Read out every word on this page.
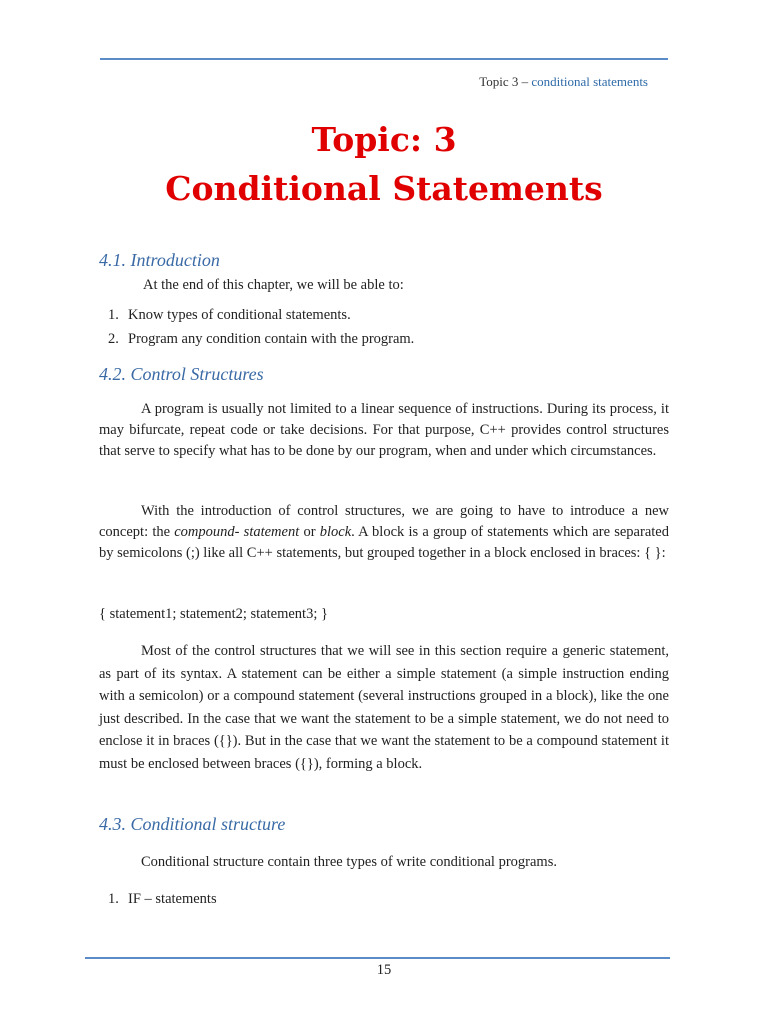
Topic 3 – conditional statements
Topic: 3
Conditional Statements
4.1. Introduction
At the end of this chapter, we will be able to:
1. Know types of conditional statements.
2. Program any condition contain with the program.
4.2. Control Structures
A program is usually not limited to a linear sequence of instructions. During its process, it may bifurcate, repeat code or take decisions. For that purpose, C++ provides control structures that serve to specify what has to be done by our program, when and under which circumstances.
With the introduction of control structures, we are going to have to introduce a new concept: the compound- statement or block. A block is a group of statements which are separated by semicolons (;) like all C++ statements, but grouped together in a block enclosed in braces: { }:
{ statement1; statement2; statement3; }
Most of the control structures that we will see in this section require a generic statement, as part of its syntax. A statement can be either a simple statement (a simple instruction ending with a semicolon) or a compound statement (several instructions grouped in a block), like the one just described. In the case that we want the statement to be a simple statement, we do not need to enclose it in braces ({}). But in the case that we want the statement to be a compound statement it must be enclosed between braces ({}), forming a block.
4.3. Conditional structure
Conditional structure contain three types of write conditional programs.
1. IF – statements
15
